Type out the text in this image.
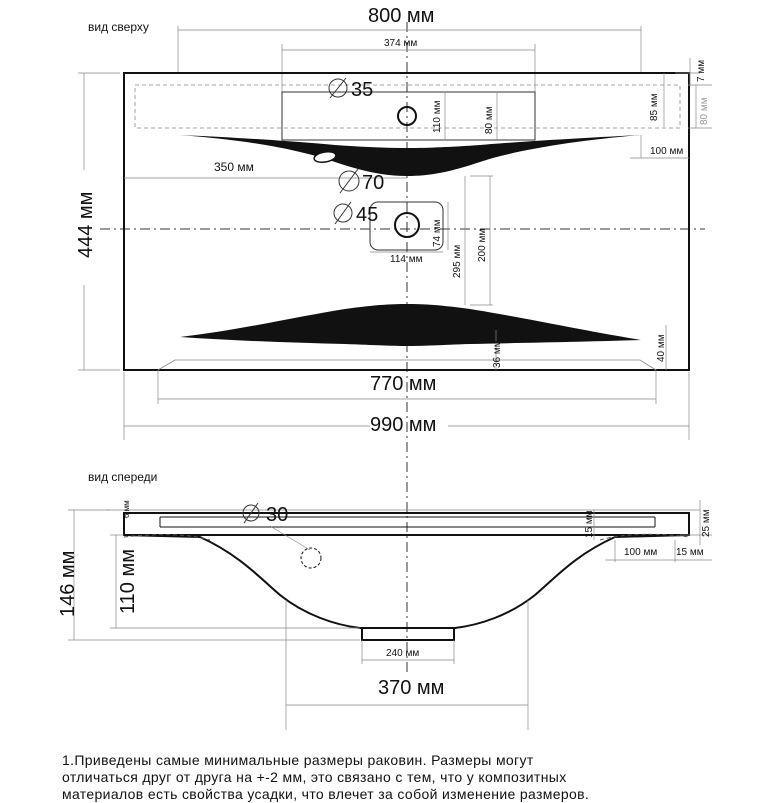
вид сверху	800 мм
374 мм
35
7 мм
85 мм	80 мм
110 мм	80 мм
350 мм
100 мм
70
45
74 мм
114 мм
444 мм
295 мм 200 мм
36 мм	40 мм
770 мм
990 мм
вид спереди
6 мм	30	15 мм	25 мм
100 мм 15 мм
146 мм 110 мм
240 мм
370 мм
1.Приведены самые минимальные размеры раковин. Размеры могут
отличаться друг от друга на +-2 мм, это связано с тем, что у композитных
материалов есть свойства усадки, что влечет за собой изменение размеров.
